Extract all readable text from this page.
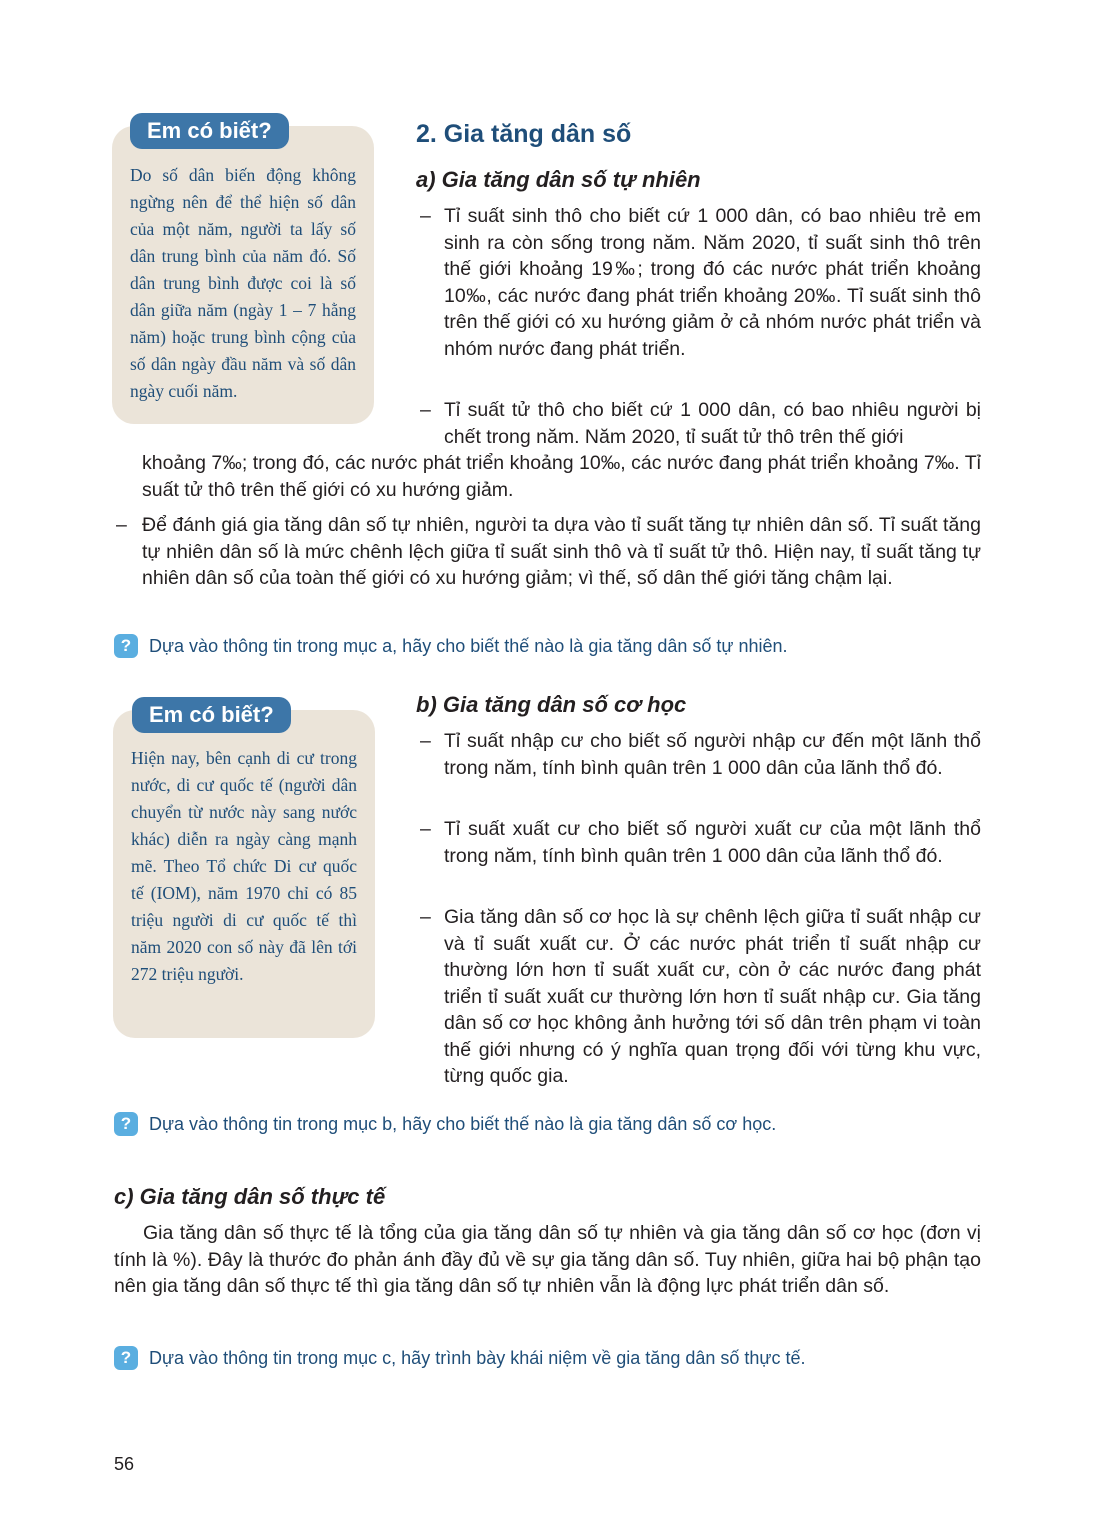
Em có biết?
Do số dân biến động không ngừng nên để thể hiện số dân của một năm, người ta lấy số dân trung bình của năm đó. Số dân trung bình được coi là số dân giữa năm (ngày 1 – 7 hằng năm) hoặc trung bình cộng của số dân ngày đầu năm và số dân ngày cuối năm.
2. Gia tăng dân số
a) Gia tăng dân số tự nhiên
– Tỉ suất sinh thô cho biết cứ 1 000 dân, có bao nhiêu trẻ em sinh ra còn sống trong năm. Năm 2020, tỉ suất sinh thô trên thế giới khoảng 19‰; trong đó các nước phát triển khoảng 10‰, các nước đang phát triển khoảng 20‰. Tỉ suất sinh thô trên thế giới có xu hướng giảm ở cả nhóm nước phát triển và nhóm nước đang phát triển.
– Tỉ suất tử thô cho biết cứ 1 000 dân, có bao nhiêu người bị chết trong năm. Năm 2020, tỉ suất tử thô trên thế giới
khoảng 7‰; trong đó, các nước phát triển khoảng 10‰, các nước đang phát triển khoảng 7‰. Tỉ suất tử thô trên thế giới có xu hướng giảm.
– Để đánh giá gia tăng dân số tự nhiên, người ta dựa vào tỉ suất tăng tự nhiên dân số. Tỉ suất tăng tự nhiên dân số là mức chênh lệch giữa tỉ suất sinh thô và tỉ suất tử thô. Hiện nay, tỉ suất tăng tự nhiên dân số của toàn thế giới có xu hướng giảm; vì thế, số dân thế giới tăng chậm lại.
? Dựa vào thông tin trong mục a, hãy cho biết thế nào là gia tăng dân số tự nhiên.
Em có biết?
Hiện nay, bên cạnh di cư trong nước, di cư quốc tế (người dân chuyển từ nước này sang nước khác) diễn ra ngày càng mạnh mẽ. Theo Tổ chức Di cư quốc tế (IOM), năm 1970 chỉ có 85 triệu người di cư quốc tế thì năm 2020 con số này đã lên tới 272 triệu người.
b) Gia tăng dân số cơ học
– Tỉ suất nhập cư cho biết số người nhập cư đến một lãnh thổ trong năm, tính bình quân trên 1 000 dân của lãnh thổ đó.
– Tỉ suất xuất cư cho biết số người xuất cư của một lãnh thổ trong năm, tính bình quân trên 1 000 dân của lãnh thổ đó.
– Gia tăng dân số cơ học là sự chênh lệch giữa tỉ suất nhập cư và tỉ suất xuất cư. Ở các nước phát triển tỉ suất nhập cư thường lớn hơn tỉ suất xuất cư, còn ở các nước đang phát triển tỉ suất xuất cư thường lớn hơn tỉ suất nhập cư. Gia tăng dân số cơ học không ảnh hưởng tới số dân trên phạm vi toàn thế giới nhưng có ý nghĩa quan trọng đối với từng khu vực, từng quốc gia.
? Dựa vào thông tin trong mục b, hãy cho biết thế nào là gia tăng dân số cơ học.
c) Gia tăng dân số thực tế
Gia tăng dân số thực tế là tổng của gia tăng dân số tự nhiên và gia tăng dân số cơ học (đơn vị tính là %). Đây là thước đo phản ánh đầy đủ về sự gia tăng dân số. Tuy nhiên, giữa hai bộ phận tạo nên gia tăng dân số thực tế thì gia tăng dân số tự nhiên vẫn là động lực phát triển dân số.
? Dựa vào thông tin trong mục c, hãy trình bày khái niệm về gia tăng dân số thực tế.
56
